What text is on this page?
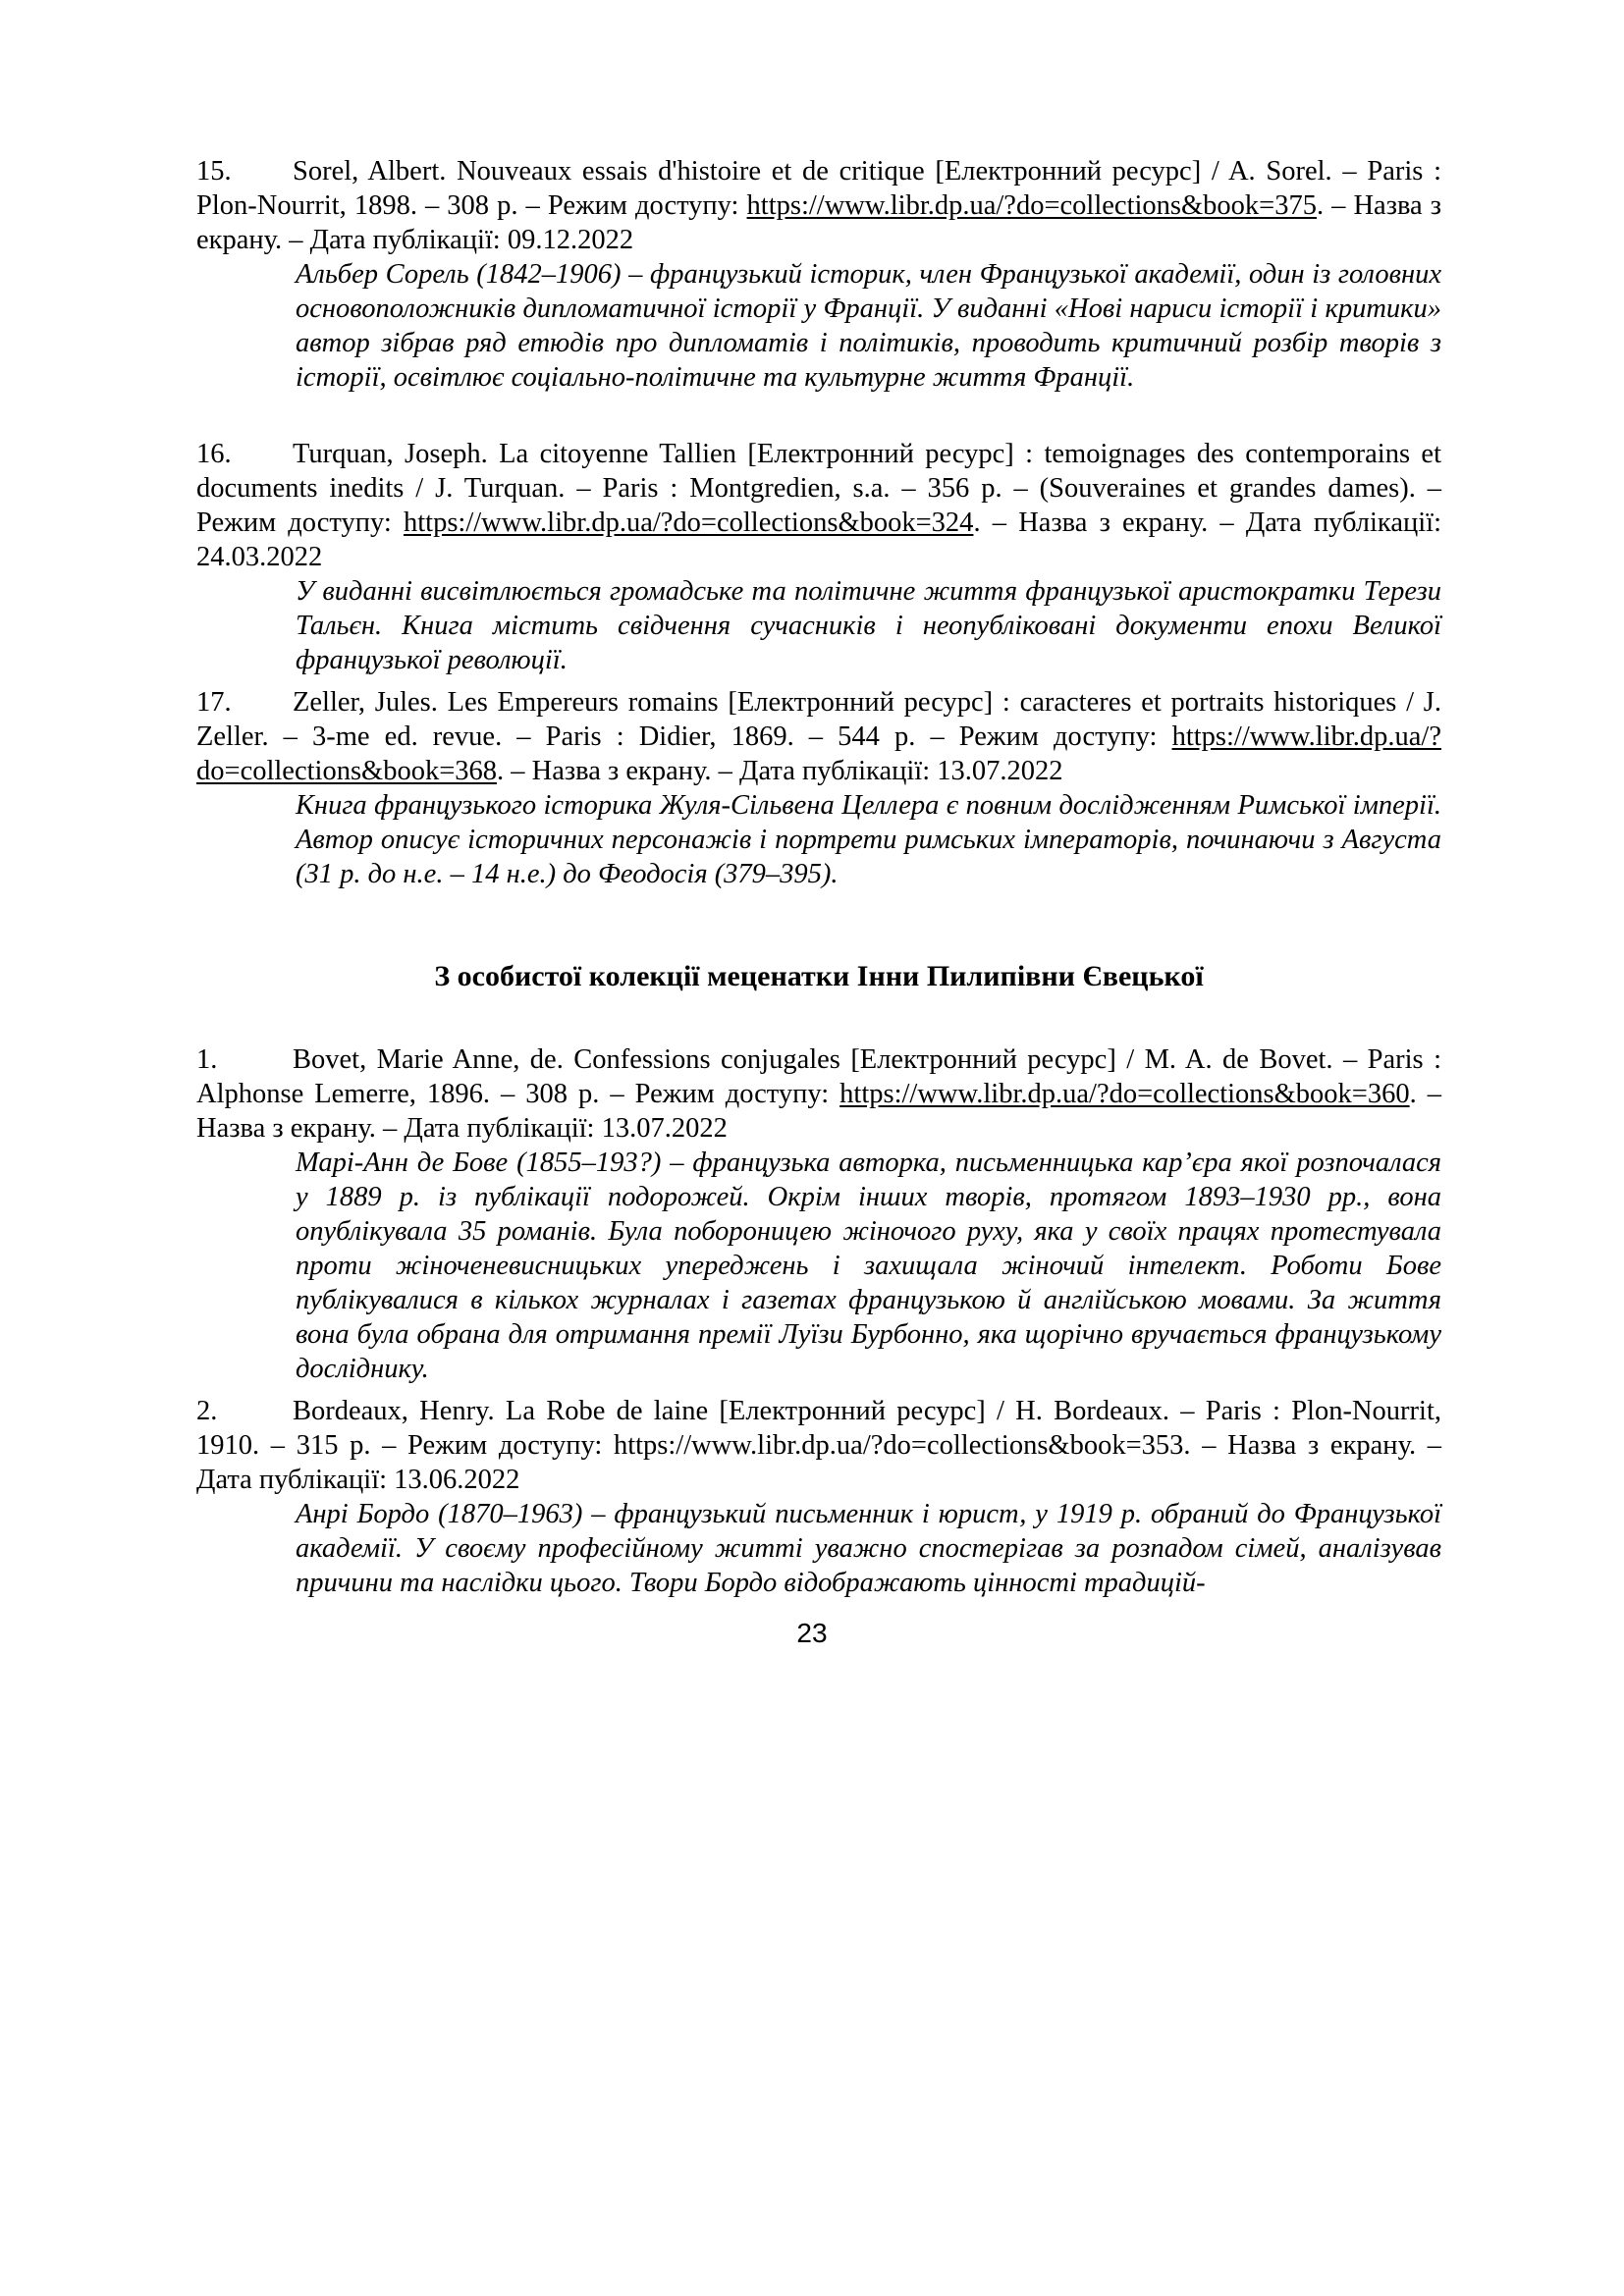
15. Sorel, Albert. Nouveaux essais d'histoire et de critique [Електронний ресурс] / A. Sorel. – Paris : Plon-Nourrit, 1898. – 308 p. – Режим доступу: https://www.libr.dp.ua/?do=collections&book=375. – Назва з екрану. – Дата публікації: 09.12.2022

Альбер Сорель (1842–1906) – французький історик, член Французької академії, один із головних основоположників дипломатичної історії у Франції. У виданні «Нові нариси історії і критики» автор зібрав ряд етюдів про дипломатів і політиків, проводить критичний розбір творів з історії, освітлює соціально-політичне та культурне життя Франції.

16. Turquan, Joseph. La citoyenne Tallien [Електронний ресурс] : temoignages des contemporains et documents inedits / J. Turquan. – Paris : Montgredien, s.a. – 356 p. – (Souveraines et grandes dames). – Режим доступу: https://www.libr.dp.ua/?do=collections&book=324. – Назва з екрану. – Дата публікації: 24.03.2022

У виданні висвітлюється громадське та політичне життя французької аристократки Терези Тальєн. Книга містить свідчення сучасників і неопубліковані документи епохи Великої французької революції.

17. Zeller, Jules. Les Empereurs romains [Електронний ресурс] : caracteres et portraits historiques / J. Zeller. – 3-me ed. revue. – Paris : Didier, 1869. – 544 p. – Режим доступу: https://www.libr.dp.ua/?do=collections&book=368. – Назва з екрану. – Дата публікації: 13.07.2022

Книга французького історика Жуля-Сільвена Целлера є повним дослідженням Римської імперії. Автор описує історичних персонажів і портрети римських імператорів, починаючи з Августа (31 р. до н.е. – 14 н.е.) до Феодосія (379–395).

З особистої колекції меценатки Інни Пилипівни Євецької

1.	Bovet, Marie Anne, de. Confessions conjugales [Електронний ресурс] / M. A. de Bovet. – Paris : Alphonse Lemerre, 1896. – 308 p. – Режим доступу: https://www.libr.dp.ua/?do=collections&book=360. – Назва з екрану. – Дата публікації: 13.07.2022

Марі-Анн де Бове (1855–193?) – французька авторка, письменницька кар’єра якої розпочалася у 1889 р. із публікації подорожей. Окрім інших творів, протягом 1893–1930 рр., вона опублікувала 35 романів. Була побороницею жіночого руху, яка у своїх працях протестувала проти жіноченевисницьких упереджень і захищала жіночий інтелект. Роботи Бове публікувалися в кількох журналах і газетах французькою й англійською мовами. За життя вона була обрана для отримання премії Луїзи Бурбонно, яка щорічно вручається французькому досліднику.

2.	Bordeaux, Henry. La Robe de laine [Електронний ресурс] / H. Bordeaux. – Paris : Plon-Nourrit, 1910. – 315 p. – Режим доступу: https://www.libr.dp.ua/?do=collections&book=353. – Назва з екрану. – Дата публікації: 13.06.2022

Анрі Бордо (1870–1963) – французький письменник і юрист, у 1919 р. обраний до Французької академії. У своєму професійному житті уважно спостерігав за розпадом сімей, аналізував причини та наслідки цього. Твори Бордо відображають цінності традицій-

23
